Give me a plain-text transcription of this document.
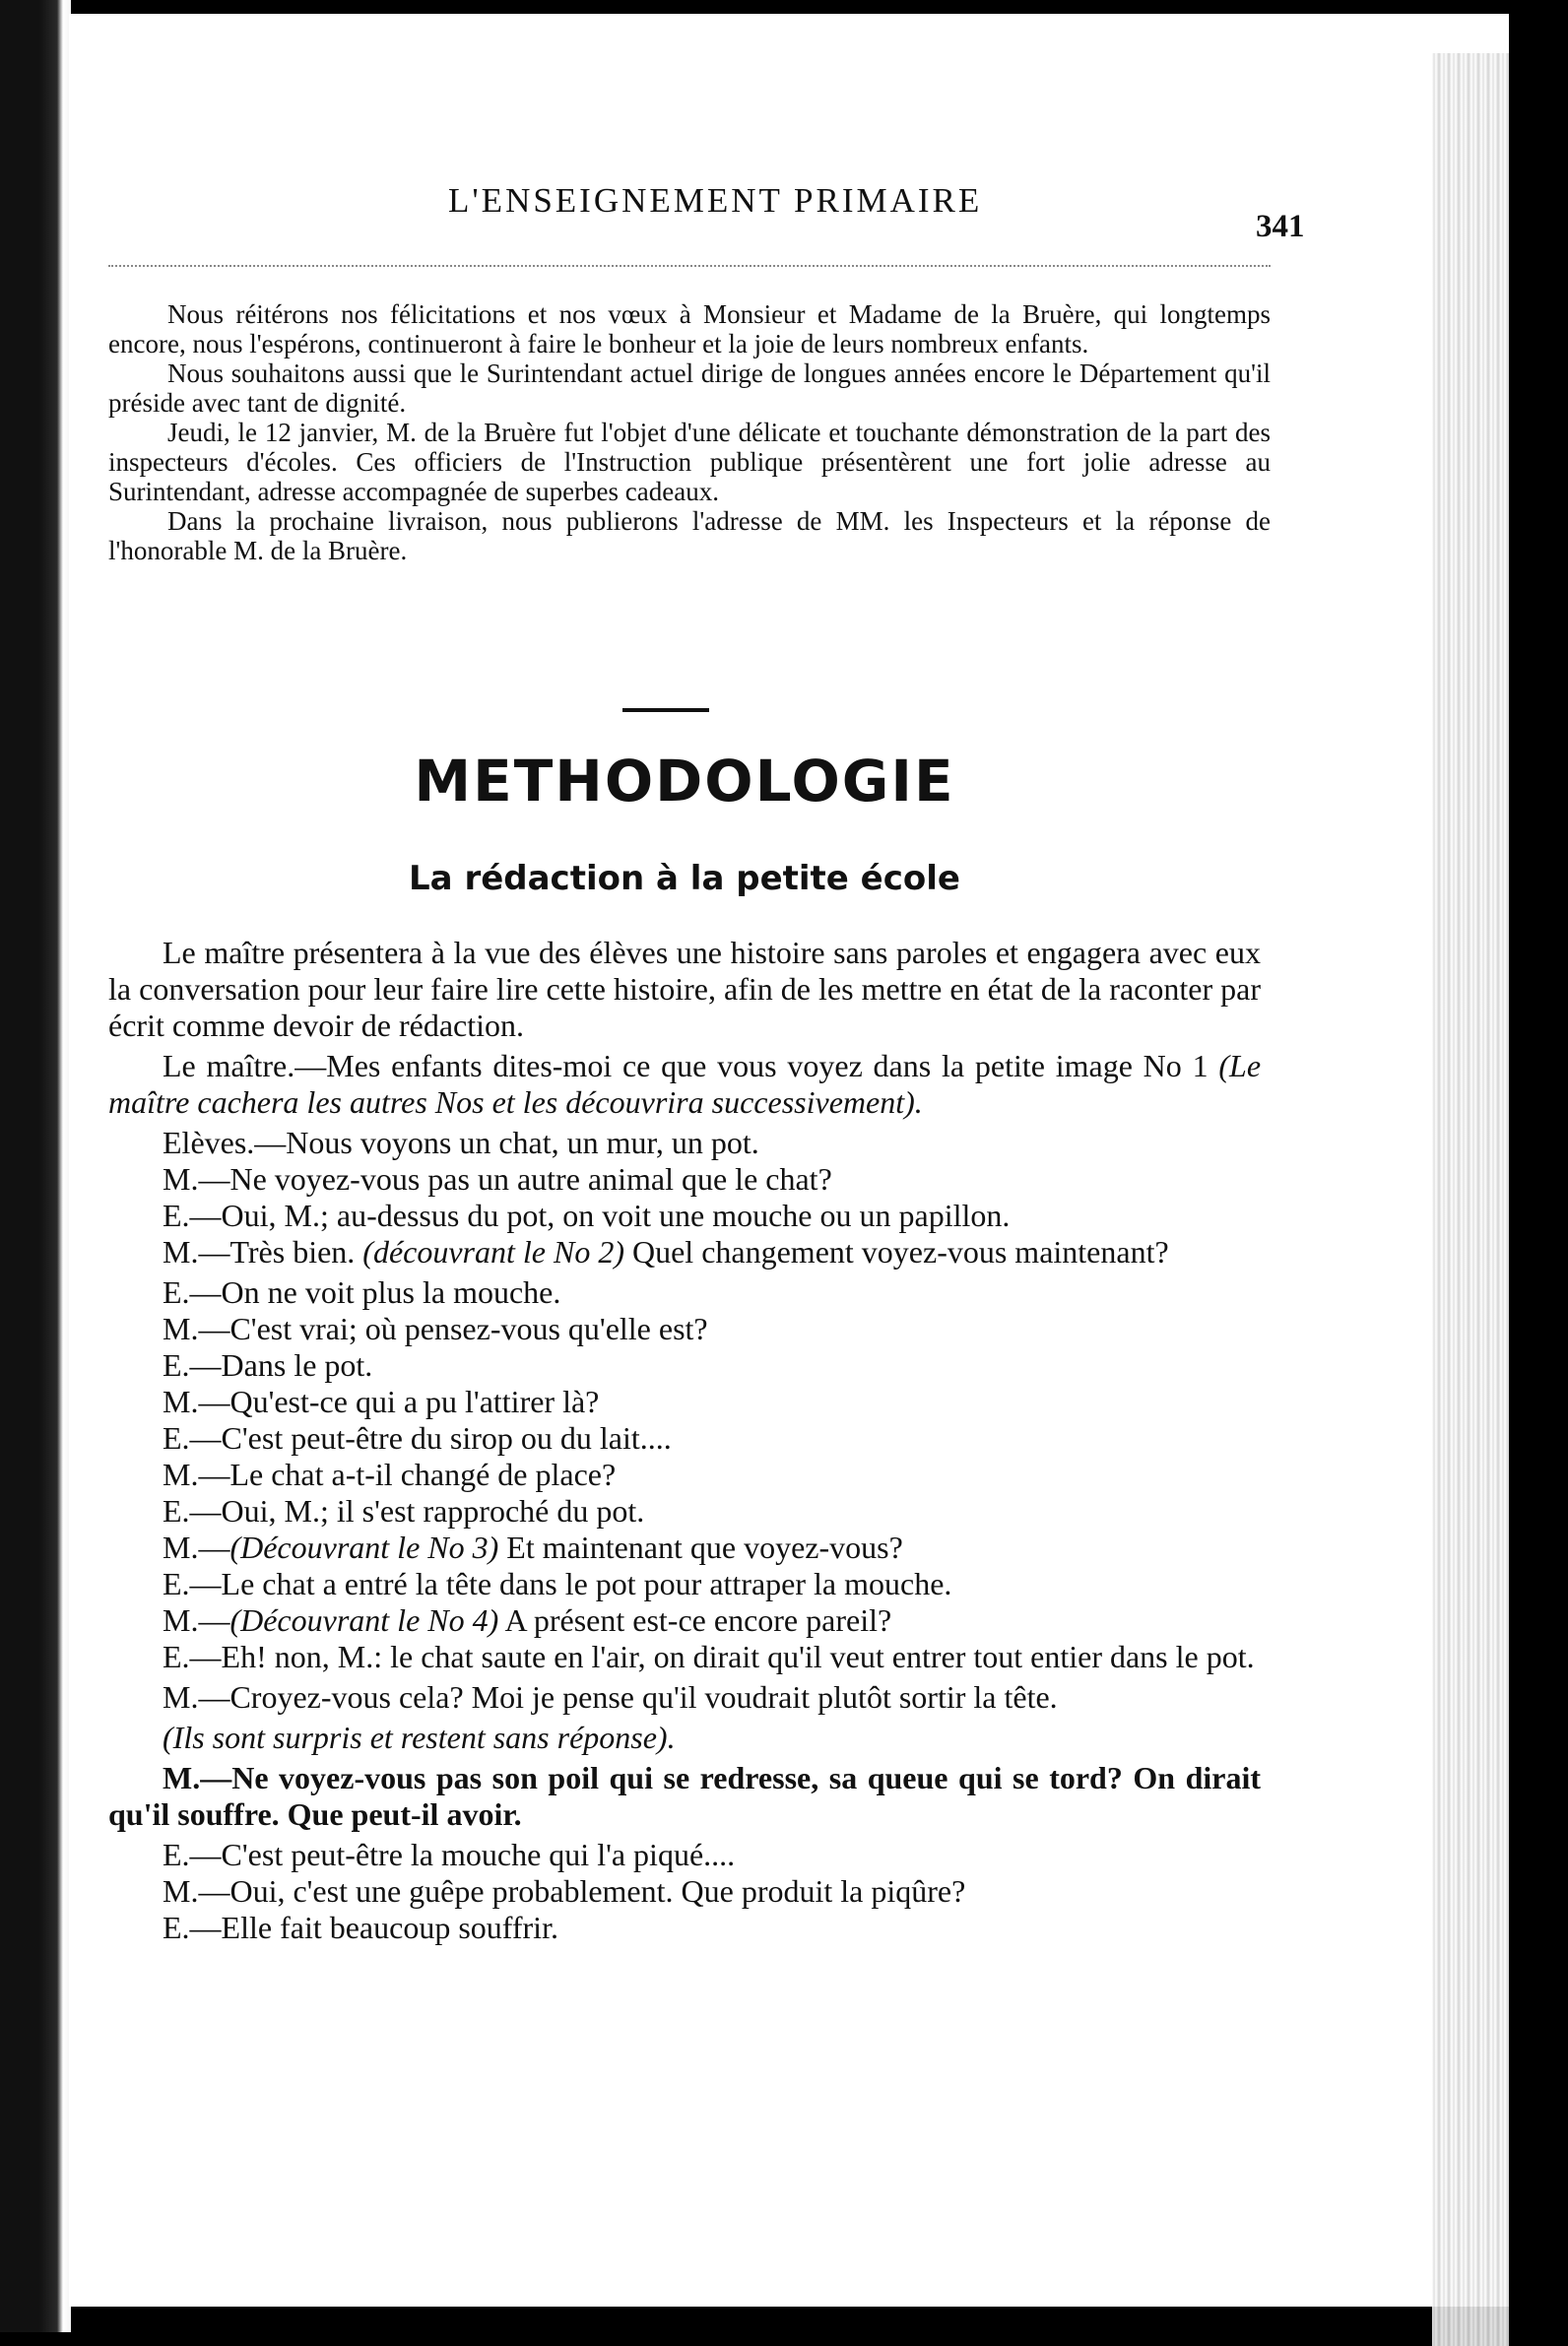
L'ENSEIGNEMENT PRIMAIRE
341

Nous réitérons nos félicitations et nos vœux à Monsieur et Madame de la Bruère, qui longtemps encore, nous l'espérons, continueront à faire le bonheur et la joie de leurs nombreux enfants.

Nous souhaitons aussi que le Surintendant actuel dirige de longues années encore le Département qu'il préside avec tant de dignité.

Jeudi, le 12 janvier, M. de la Bruère fut l'objet d'une délicate et touchante démonstration de la part des inspecteurs d'écoles. Ces officiers de l'Instruction publique présentèrent une fort jolie adresse au Surintendant, adresse accompagnée de superbes cadeaux.

Dans la prochaine livraison, nous publierons l'adresse de MM. les Inspecteurs et la réponse de l'honorable M. de la Bruère.

METHODOLOGIE
La rédaction à la petite école

Le maître présentera à la vue des élèves une histoire sans paroles et engagera avec eux la conversation pour leur faire lire cette histoire, afin de les mettre en état de la raconter par écrit comme devoir de rédaction.

Le maître.—Mes enfants dites-moi ce que vous voyez dans la petite image No 1 (Le maître cachera les autres Nos et les découvrira successivement).

Elèves.—Nous voyons un chat, un mur, un pot.

M.—Ne voyez-vous pas un autre animal que le chat?

E.—Oui, M.; au-dessus du pot, on voit une mouche ou un papillon.

M.—Très bien. (découvrant le No 2) Quel changement voyez-vous maintenant?

E.—On ne voit plus la mouche.

M.—C'est vrai; où pensez-vous qu'elle est?

E.—Dans le pot.

M.—Qu'est-ce qui a pu l'attirer là?

E.—C'est peut-être du sirop ou du lait....

M.—Le chat a-t-il changé de place?

E.—Oui, M.; il s'est rapproché du pot.

M.—(Découvrant le No 3) Et maintenant que voyez-vous?

E.—Le chat a entré la tête dans le pot pour attraper la mouche.

M.—(Découvrant le No 4) A présent est-ce encore pareil?

E.—Eh! non, M.: le chat saute en l'air, on dirait qu'il veut entrer tout entier dans le pot.

M.—Croyez-vous cela? Moi je pense qu'il voudrait plutôt sortir la tête.

(Ils sont surpris et restent sans réponse).

M.—Ne voyez-vous pas son poil qui se redresse, sa queue qui se tord? On dirait qu'il souffre. Que peut-il avoir.

E.—C'est peut-être la mouche qui l'a piqué....

M.—Oui, c'est une guêpe probablement. Que produit la piqûre?

E.—Elle fait beaucoup souffrir.
